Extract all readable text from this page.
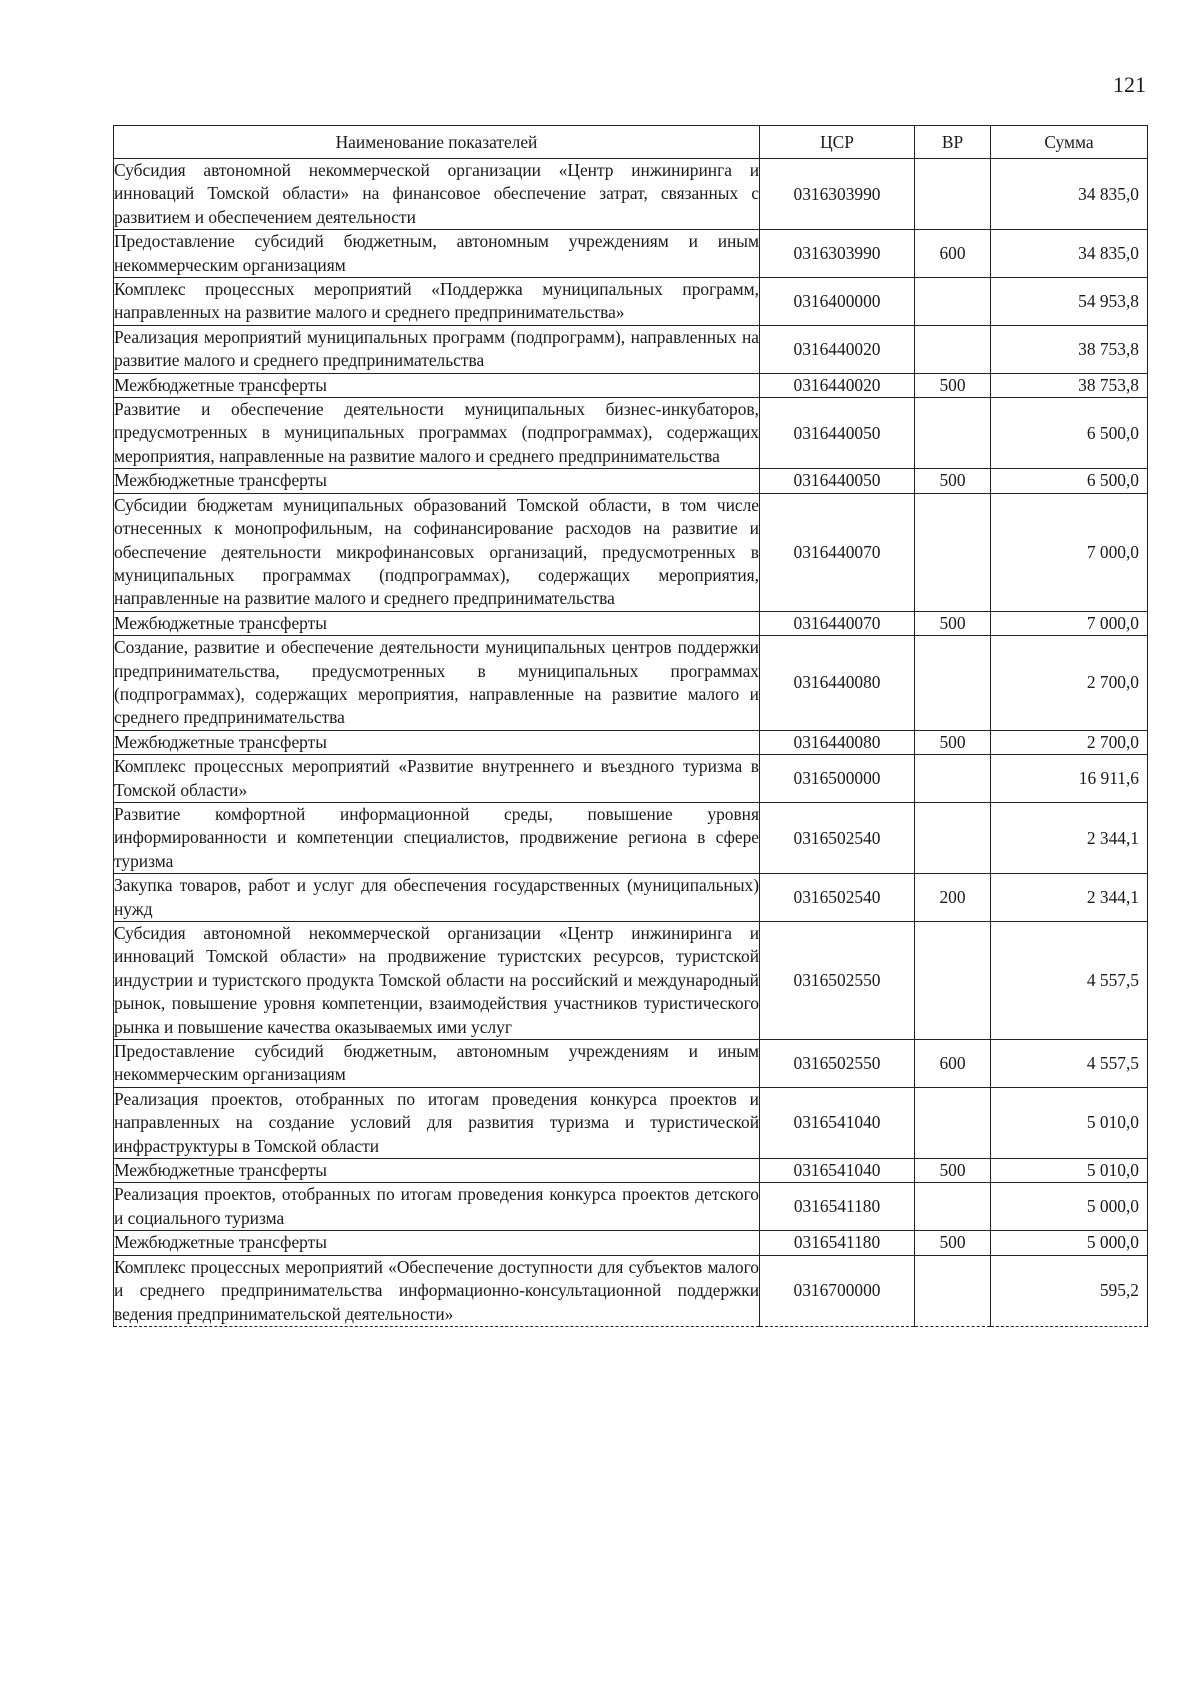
121
Наименование показателей	ЦСР	ВР	Сумма
Субсидия автономной некоммерческой организации «Центр инжиниринга и инноваций Томской области» на финансовое обеспечение затрат, связанных с развитием и обеспечением деятельности	0316303990		34 835,0
Предоставление субсидий бюджетным, автономным учреждениям и иным некоммерческим организациям	0316303990	600	34 835,0
Комплекс процессных мероприятий «Поддержка муниципальных программ, направленных на развитие малого и среднего предпринимательства»	0316400000		54 953,8
Реализация мероприятий муниципальных программ (подпрограмм), направленных на развитие малого и среднего предпринимательства	0316440020		38 753,8
Межбюджетные трансферты	0316440020	500	38 753,8
Развитие и обеспечение деятельности муниципальных бизнес-инкубаторов, предусмотренных в муниципальных программах (подпрограммах), содержащих мероприятия, направленные на развитие малого и среднего предпринимательства	0316440050		6 500,0
Межбюджетные трансферты	0316440050	500	6 500,0
Субсидии бюджетам муниципальных образований Томской области, в том числе отнесенных к монопрофильным, на софинансирование расходов на развитие и обеспечение деятельности микрофинансовых организаций, предусмотренных в муниципальных программах (подпрограммах), содержащих мероприятия, направленные на развитие малого и среднего предпринимательства	0316440070		7 000,0
Межбюджетные трансферты	0316440070	500	7 000,0
Создание, развитие и обеспечение деятельности муниципальных центров поддержки предпринимательства, предусмотренных в муниципальных программах (подпрограммах), содержащих мероприятия, направленные на развитие малого и среднего предпринимательства	0316440080		2 700,0
Межбюджетные трансферты	0316440080	500	2 700,0
Комплекс процессных мероприятий «Развитие внутреннего и въездного туризма в Томской области»	0316500000		16 911,6
Развитие комфортной информационной среды, повышение уровня информированности и компетенции специалистов, продвижение региона в сфере туризма	0316502540		2 344,1
Закупка товаров, работ и услуг для обеспечения государственных (муниципальных) нужд	0316502540	200	2 344,1
Субсидия автономной некоммерческой организации «Центр инжиниринга и инноваций Томской области» на продвижение туристских ресурсов, туристской индустрии и туристского продукта Томской области на российский и международный рынок, повышение уровня компетенции, взаимодействия участников туристического рынка и повышение качества оказываемых ими услуг	0316502550		4 557,5
Предоставление субсидий бюджетным, автономным учреждениям и иным некоммерческим организациям	0316502550	600	4 557,5
Реализация проектов, отобранных по итогам проведения конкурса проектов и направленных на создание условий для развития туризма и туристической инфраструктуры в Томской области	0316541040		5 010,0
Межбюджетные трансферты	0316541040	500	5 010,0
Реализация проектов, отобранных по итогам проведения конкурса проектов детского и социального туризма	0316541180		5 000,0
Межбюджетные трансферты	0316541180	500	5 000,0
Комплекс процессных мероприятий «Обеспечение доступности для субъектов малого и среднего предпринимательства информационно-консультационной поддержки ведения предпринимательской деятельности»	0316700000		595,2
